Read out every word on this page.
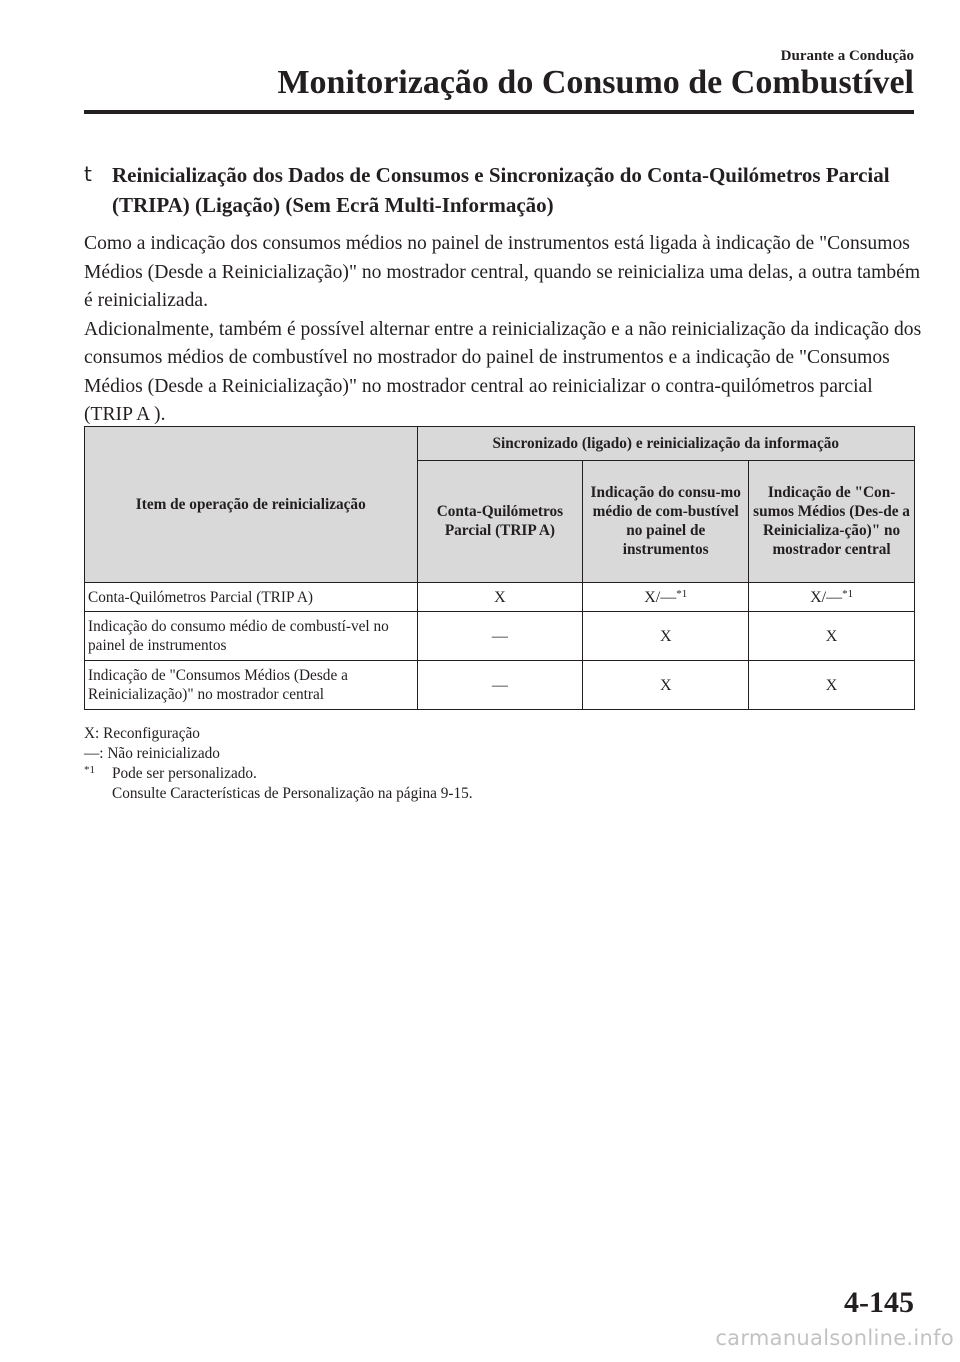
Durante a Condução
Monitorização do Consumo de Combustível
t Reinicialização dos Dados de Consumos e Sincronização do Conta-Quilómetros Parcial (TRIPA) (Ligação) (Sem Ecrã Multi-Informação)

Como a indicação dos consumos médios no painel de instrumentos está ligada à indicação de "Consumos Médios (Desde a Reinicialização)" no mostrador central, quando se reinicializa uma delas, a outra também é reinicializada.

Adicionalmente, também é possível alternar entre a reinicialização e a não reinicialização da indicação dos consumos médios de combustível no mostrador do painel de instrumentos e a indicação de "Consumos Médios (Desde a Reinicialização)" no mostrador central ao reinicializar o contra-quilómetros parcial (TRIP A ).

Item de operação de reinicialização	Sincronizado (ligado) e reinicialização da informação		
	Conta-Quilómetros Parcial (TRIP A)	Indicação do consu-mo médio de com-bustível no painel de instrumentos	Indicação de "Con-sumos Médios (Des-de a Reinicializa-ção)" no mostrador central
Conta-Quilómetros Parcial (TRIP A)	X	X/—$^{*1}$	X/—$^{*1}$
Indicação do consumo médio de combustí-vel no painel de instrumentos	—	X	X
Indicação de "Consumos Médios (Desde a Reinicialização)" no mostrador central	—	X	X
X: Reconfiguração
—: Não reinicializado
$^{*1}$ Pode ser personalizado.
Consulte Características de Personalização na página 9-15.
4-145
carmanualsonline.info
